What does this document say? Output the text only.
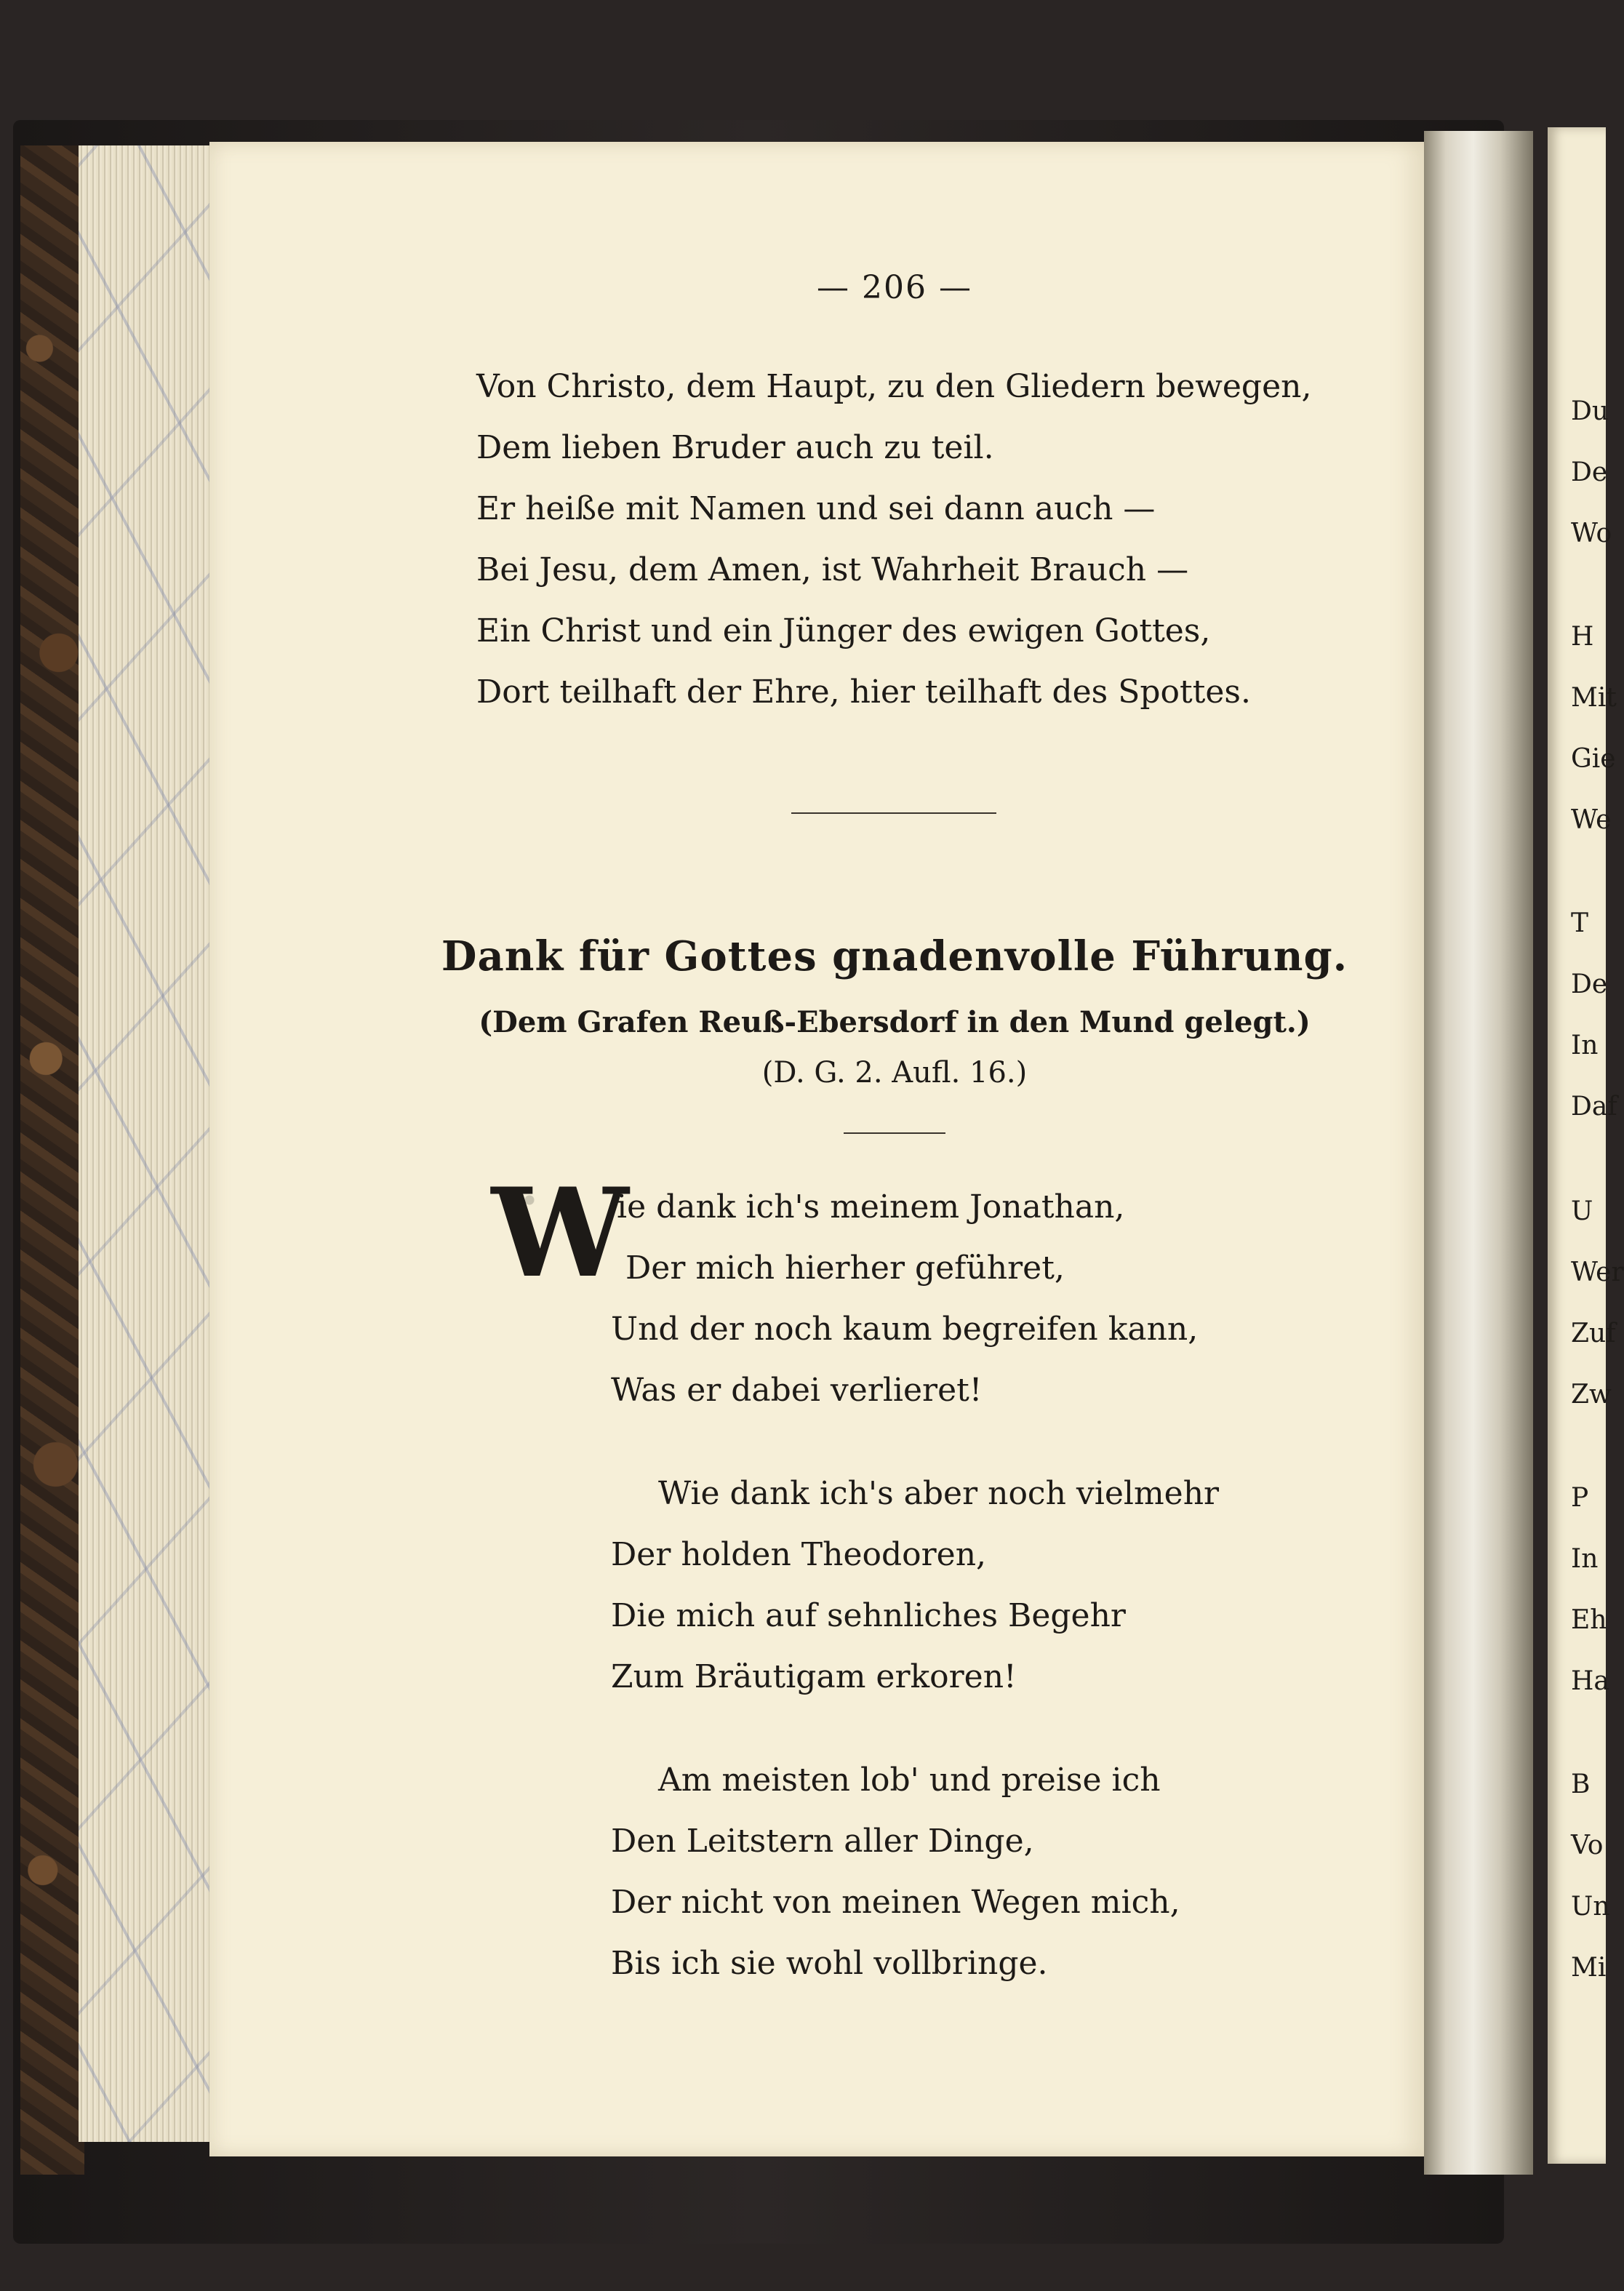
Du
De
Wo
H
Mit
Gie
We
T
De
In
Daf
U
Wer
Zuf
Zw
P
In
Eh
Ha
B
Vo
Un
Mi
— 206 —
Von Christo, dem Haupt, zu den Gliedern bewegen,
Dem lieben Bruder auch zu teil.
Er heiße mit Namen und sei dann auch —
Bei Jesu, dem Amen, ist Wahrheit Brauch —
Ein Christ und ein Jünger des ewigen Gottes,
Dort teilhaft der Ehre, hier teilhaft des Spottes.
Dank für Gottes gnadenvolle Führung.
(Dem Grafen Reuß-Ebersdorf in den Mund gelegt.)
(D. G. 2. Aufl. 16.)
W
ie dank ich's meinem Jonathan,
Der mich hierher geführet,
Und der noch kaum begreifen kann,
Was er dabei verlieret!
Wie dank ich's aber noch vielmehr
Der holden Theodoren,
Die mich auf sehnliches Begehr
Zum Bräutigam erkoren!
Am meisten lob' und preise ich
Den Leitstern aller Dinge,
Der nicht von meinen Wegen mich,
Bis ich sie wohl vollbringe.
